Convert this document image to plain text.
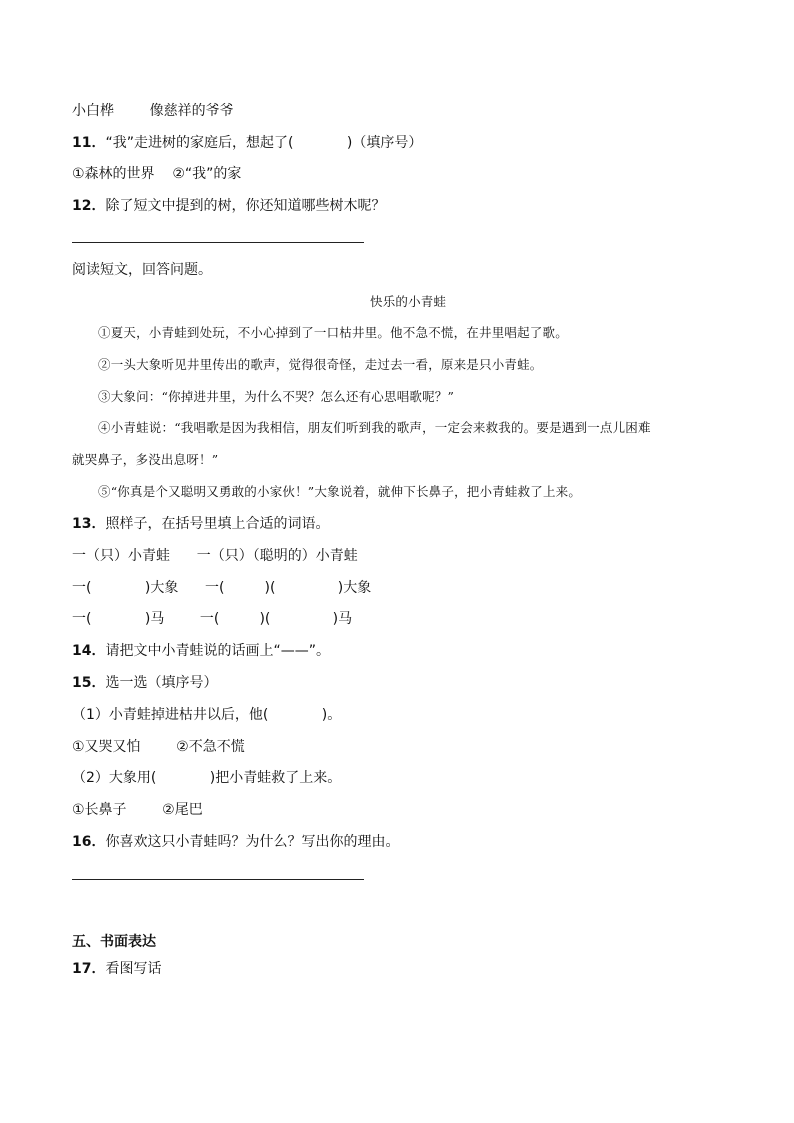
小白桦        像慈祥的爷爷
11．“我”走进树的家庭后，想起了(            )（填序号）
①森林的世界    ②“我”的家
12．除了短文中提到的树，你还知道哪些树木呢？
阅读短文，回答问题。
快乐的小青蛙
①夏天，小青蛙到处玩，不小心掉到了一口枯井里。他不急不慌，在井里唱起了歌。
②一头大象听见井里传出的歌声，觉得很奇怪，走过去一看，原来是只小青蛙。
③大象问：“你掉进井里，为什么不哭？怎么还有心思唱歌呢？”
④小青蛙说：“我唱歌是因为我相信，朋友们听到我的歌声，一定会来救我的。要是遇到一点儿困难
就哭鼻子，多没出息呀！”
⑤“你真是个又聪明又勇敢的小家伙！”大象说着，就伸下长鼻子，把小青蛙救了上来。
13．照样子，在括号里填上合适的词语。
一（只）小青蛙      一（只）（聪明的）小青蛙
一(            )大象      一(         )(              )大象
一(            )马        一(         )(              )马
14．请把文中小青蛙说的话画上“——”。
15．选一选（填序号）
（1）小青蛙掉进枯井以后，他(            )。
①又哭又怕        ②不急不慌
（2）大象用(            )把小青蛙救了上来。
①长鼻子        ②尾巴
16．你喜欢这只小青蛙吗？为什么？写出你的理由。
五、书面表达
17．看图写话
